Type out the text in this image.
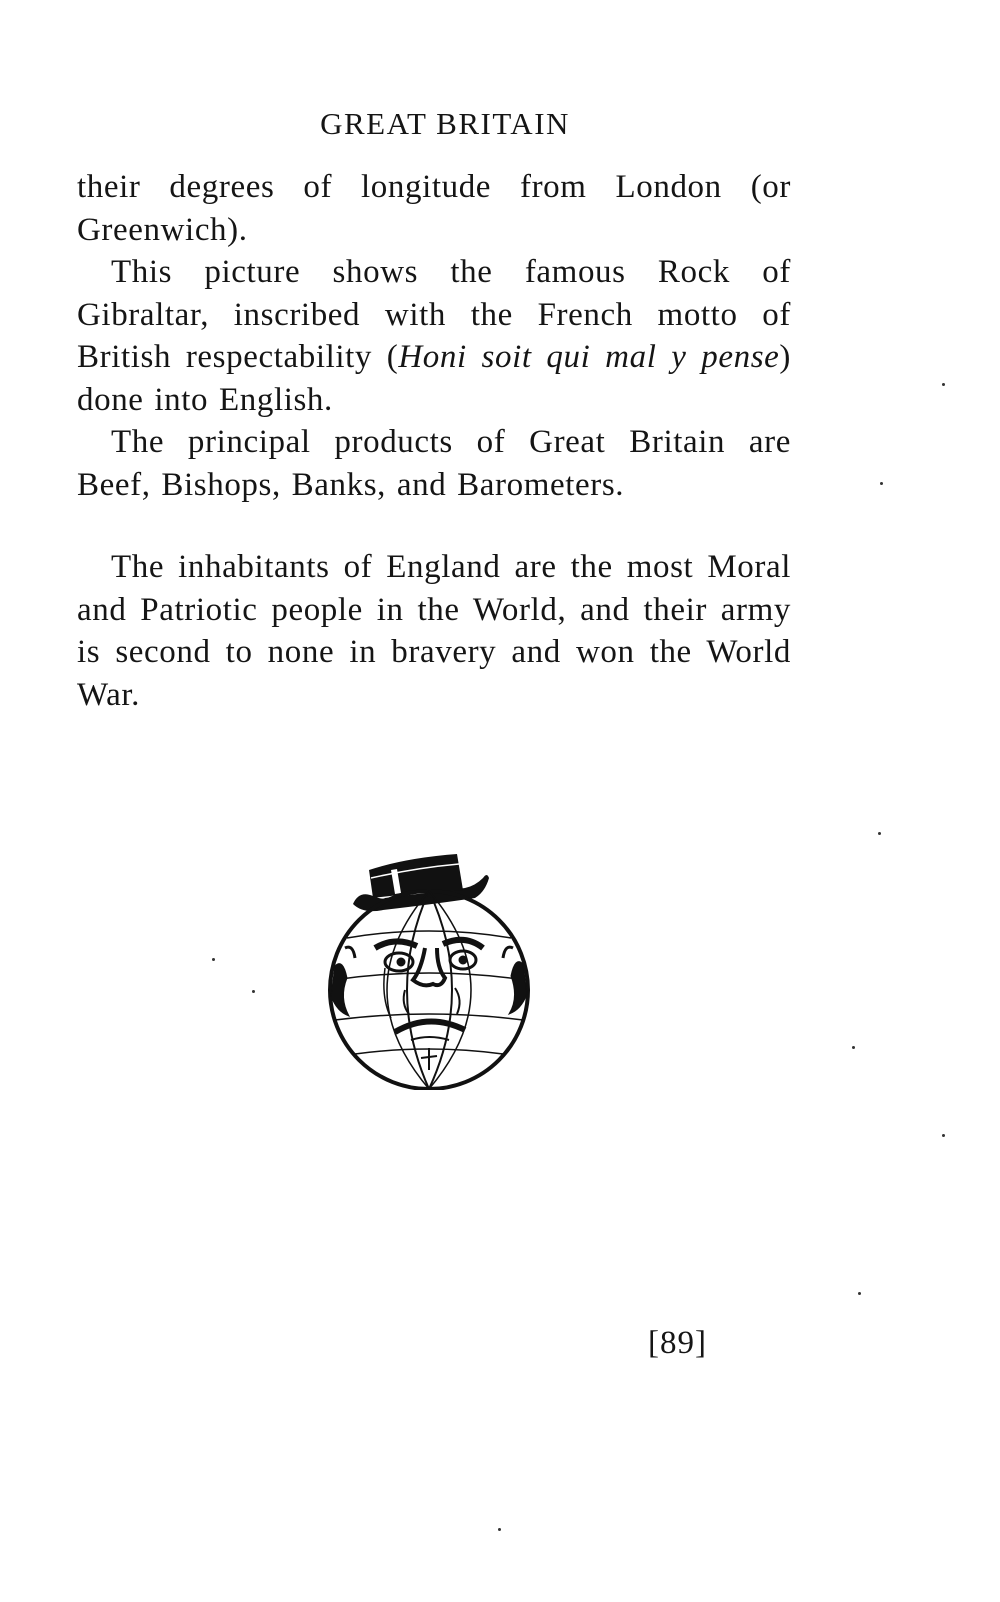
GREAT BRITAIN

their degrees of longitude from London (or Greenwich).

This picture shows the famous Rock of Gibraltar, inscribed with the French motto of British respectability (Honi soit qui mal y pense) done into English.

The principal products of Great Britain are Beef, Bishops, Banks, and Barometers.

The inhabitants of England are the most Moral and Patriotic people in the World, and their army is second to none in bravery and won the World War.

[89]
